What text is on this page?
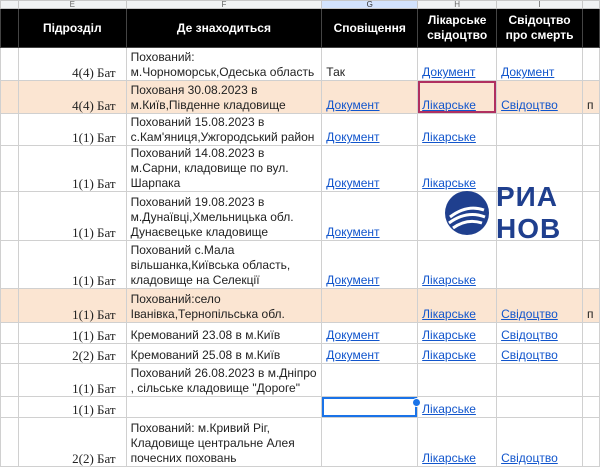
	E	F	G	H	I	
	Підрозділ	Де знаходиться	Сповіщення	Лікарське свідоцтво	Свідоцтво про смерть	
	4(4) Бат	Похований: м.Чорноморськ,Одеська область	Так	Документ	Документ	
	4(4) Бат	Похованя 30.08.2023 в м.Київ,Південне кладовище	Документ	Лікарське	Свідоцтво	п
	1(1) Бат	Похований 15.08.2023 в с.Кам'яниця,Ужгородський район	Документ	Лікарське		
	1(1) Бат	Похований 14.08.2023 в м.Сарни, кладовище по вул. Шарпака	Документ	Лікарське		
	1(1) Бат	Похований 19.08.2023 в м.Дунаївці,Хмельницька обл. Дунаєвецьке кладовище	Документ			
	1(1) Бат	Похований с.Мала вільшанка,Київська область, кладовище на Селекції	Документ	Лікарське		
	1(1) Бат	Похований:село Іванівка,Тернопільська обл.		Лікарське	Свідоцтво	п
	1(1) Бат	Кремований 23.08 в м.Київ	Документ	Лікарське	Свідоцтво	
	2(2) Бат	Кремований 25.08 в м.Київ	Документ	Лікарське	Свідоцтво	
	1(1) Бат	Похований 26.08.2023 в м.Дніпро , сільське кладовище "Дороге"				
	1(1) Бат			Лікарське		
	2(2) Бат	Похований: м.Кривий Ріг, Кладовище центральне Алея почесних поховань		Лікарське	Свідоцтво	
РИА НОВ
